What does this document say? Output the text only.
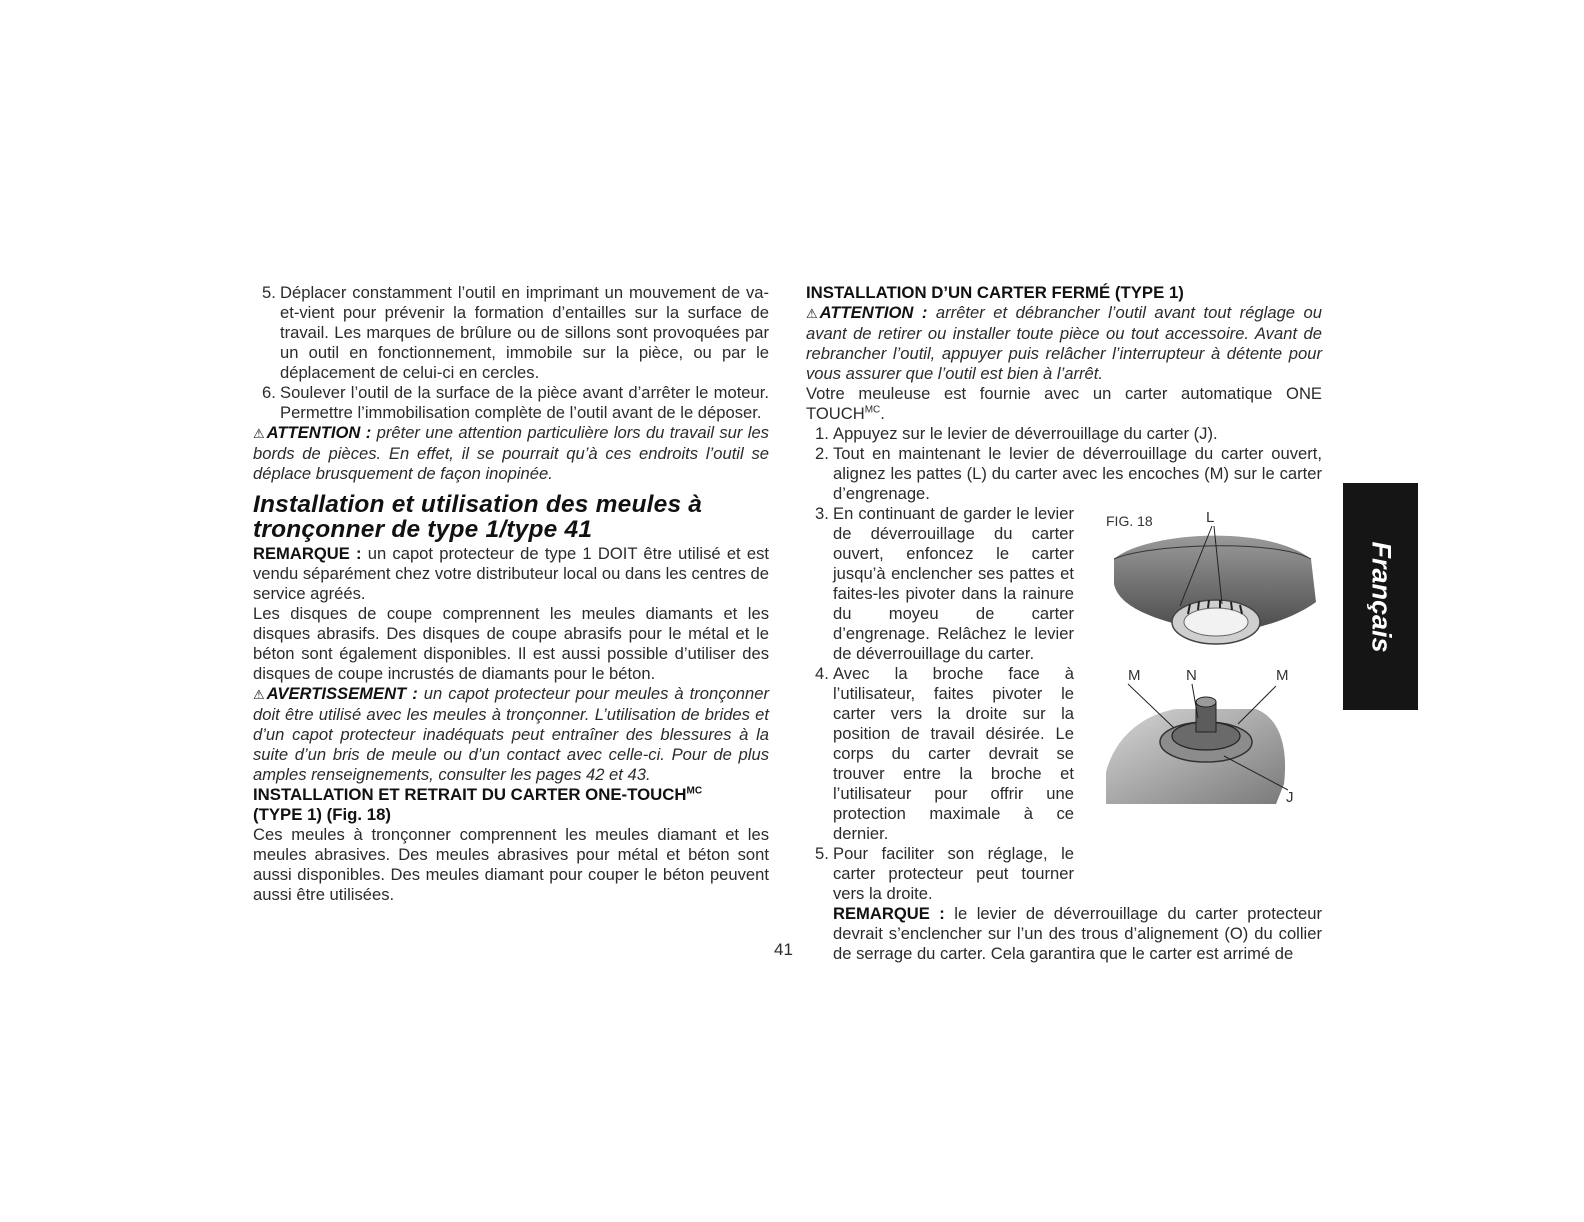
5. Déplacer constamment l’outil en imprimant un mouvement de va-et-vient pour prévenir la formation d’entailles sur la surface de travail. Les marques de brûlure ou de sillons sont provoquées par un outil en fonctionnement, immobile sur la pièce, ou par le déplacement de celui-ci en cercles.
6. Soulever l’outil de la surface de la pièce avant d’arrêter le moteur. Permettre l’immobilisation complète de l’outil avant de le déposer.

⚠ ATTENTION : prêter une attention particulière lors du travail sur les bords de pièces. En effet, il se pourrait qu’à ces endroits l’outil se déplace brusquement de façon inopinée.

Installation et utilisation des meules à tronçonner de type 1/type 41

REMARQUE : un capot protecteur de type 1 DOIT être utilisé et est vendu séparément chez votre distributeur local ou dans les centres de service agréés.

Les disques de coupe comprennent les meules diamants et les disques abrasifs. Des disques de coupe abrasifs pour le métal et le béton sont également disponibles. Il est aussi possible d’utiliser des disques de coupe incrustés de diamants pour le béton.

⚠ AVERTISSEMENT : un capot protecteur pour meules à tronçonner doit être utilisé avec les meules à tronçonner. L’utilisation de brides et d’un capot protecteur inadéquats peut entraîner des blessures à la suite d’un bris de meule ou d’un contact avec celle-ci. Pour de plus amples renseignements, consulter les pages 42 et 43.

INSTALLATION ET RETRAIT DU CARTER ONE-$TOUCH^{MC}$
(TYPE 1) (Fig. 18)

Ces meules à tronçonner comprennent les meules diamant et les meules abrasives. Des meules abrasives pour métal et béton sont aussi disponibles. Des meules diamant pour couper le béton peuvent aussi être utilisées.

INSTALLATION D’UN CARTER FERMÉ (TYPE 1)

⚠ ATTENTION : arrêter et débrancher l’outil avant tout réglage ou avant de retirer ou installer toute pièce ou tout accessoire. Avant de rebrancher l’outil, appuyer puis relâcher l’interrupteur à détente pour vous assurer que l’outil est bien à l’arrêt.

Votre meuleuse est fournie avec un carter automatique ONE $TOUCH^{MC}$.

1. Appuyez sur le levier de déverrouillage du carter (J).
2. Tout en maintenant le levier de déverrouillage du carter ouvert, alignez les pattes (L) du carter avec les encoches (M) sur le carter d’engrenage.
3. En continuant de garder le levier de déverrouillage du carter ouvert, enfoncez le carter jusqu’à enclencher ses pattes et faites-les pivoter dans la rainure du moyeu de carter d’engrenage. Relâchez le levier de déverrouillage du carter.
4. Avec la broche face à l’utilisateur, faites pivoter le carter vers la droite sur la position de travail désirée. Le corps du carter devrait se trouver entre la broche et l’utilisateur pour offrir une protection maximale à ce dernier.
5. Pour faciliter son réglage, le carter protecteur peut tourner vers la droite.
FIG. 18	L
M	N	M
J

REMARQUE : le levier de déverrouillage du carter protecteur devrait s’enclencher sur l’un des trous d’alignement (O) du collier de serrage du carter. Cela garantira que le carter est arrimé de

Français
41
